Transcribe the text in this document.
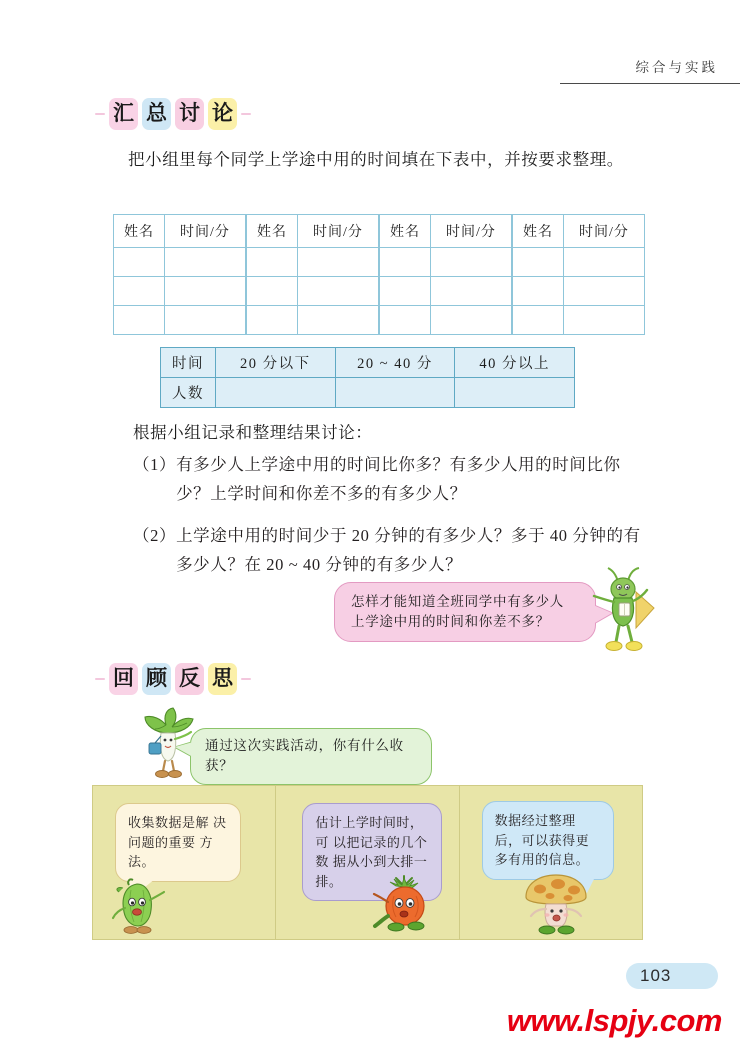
综合与实践
汇 总 讨 论
把小组里每个同学上学途中用的时间填在下表中，并按要求整理。
姓名	时间/分	姓名	时间/分	姓名	时间/分	姓名	时间/分

时间	20 分以下	20 ~ 40 分	40 分以上
人数			
根据小组记录和整理结果讨论：
（1） 有多少人上学途中用的时间比你多？有多少人用的时间比你少？上学时间和你差不多的有多少人？
（2） 上学途中用的时间少于 20 分钟的有多少人？多于 40 分钟的有多少人？在 20 ~ 40 分钟的有多少人？
怎样才能知道全班同学中有多少人
上学途中用的时间和你差不多？
回 顾 反 思
通过这次实践活动，你有什么收获？
收集数据是解 决问题的重要 方法。
估计上学时间时，可 以把记录的几个数 据从小到大排一排。
数据经过整理 后，可以获得更 多有用的信息。
103
www.lspjy.com
